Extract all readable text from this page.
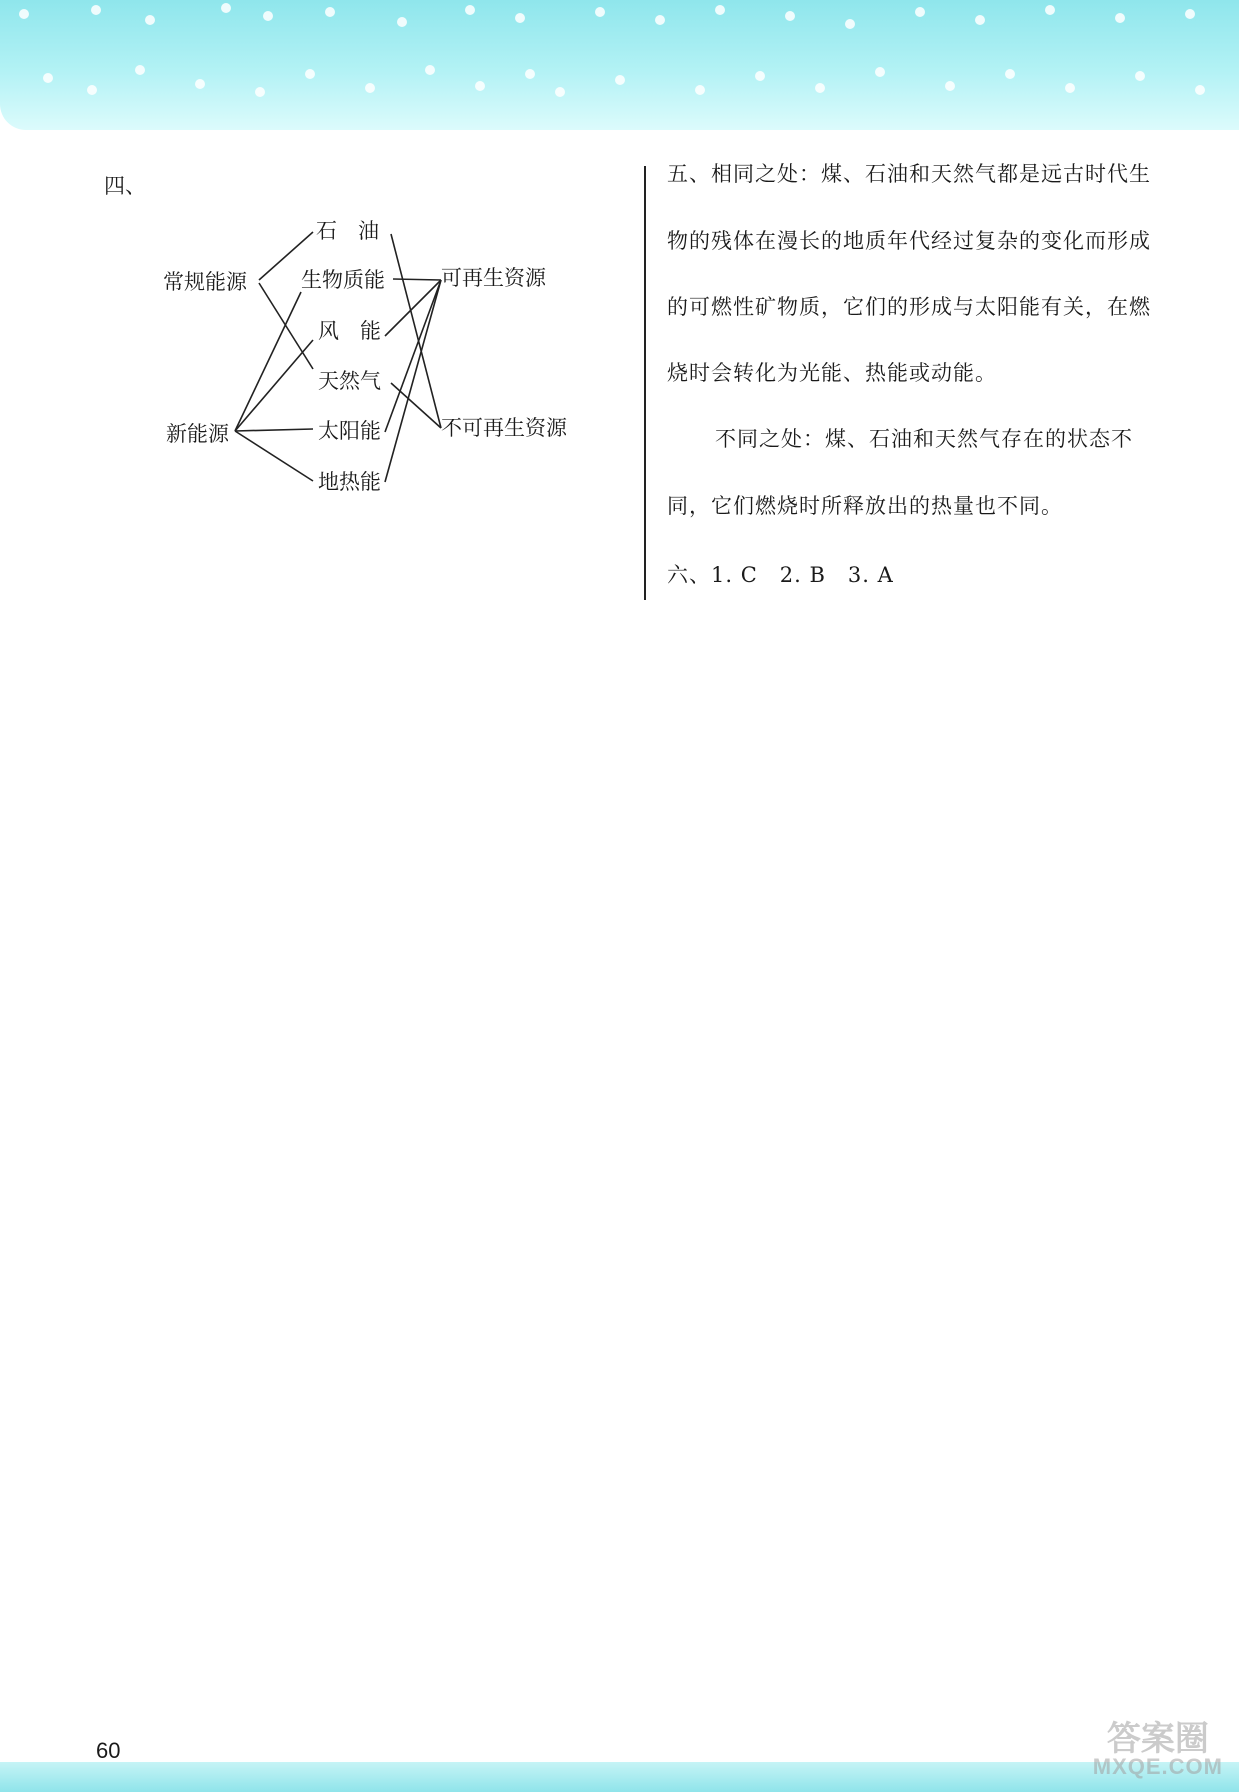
四、
常规能源
新能源
石　油
生物质能
风　能
天然气
太阳能
地热能
可再生资源
不可再生资源
五、相同之处：煤、石油和天然气都是远古时代生
物的残体在漫长的地质年代经过复杂的变化而形成
的可燃性矿物质，它们的形成与太阳能有关，在燃
烧时会转化为光能、热能或动能。
不同之处：煤、石油和天然气存在的状态不
同，它们燃烧时所释放出的热量也不同。
六、1. C　2. B　3. A
60	答案圈
MXQE.COM
